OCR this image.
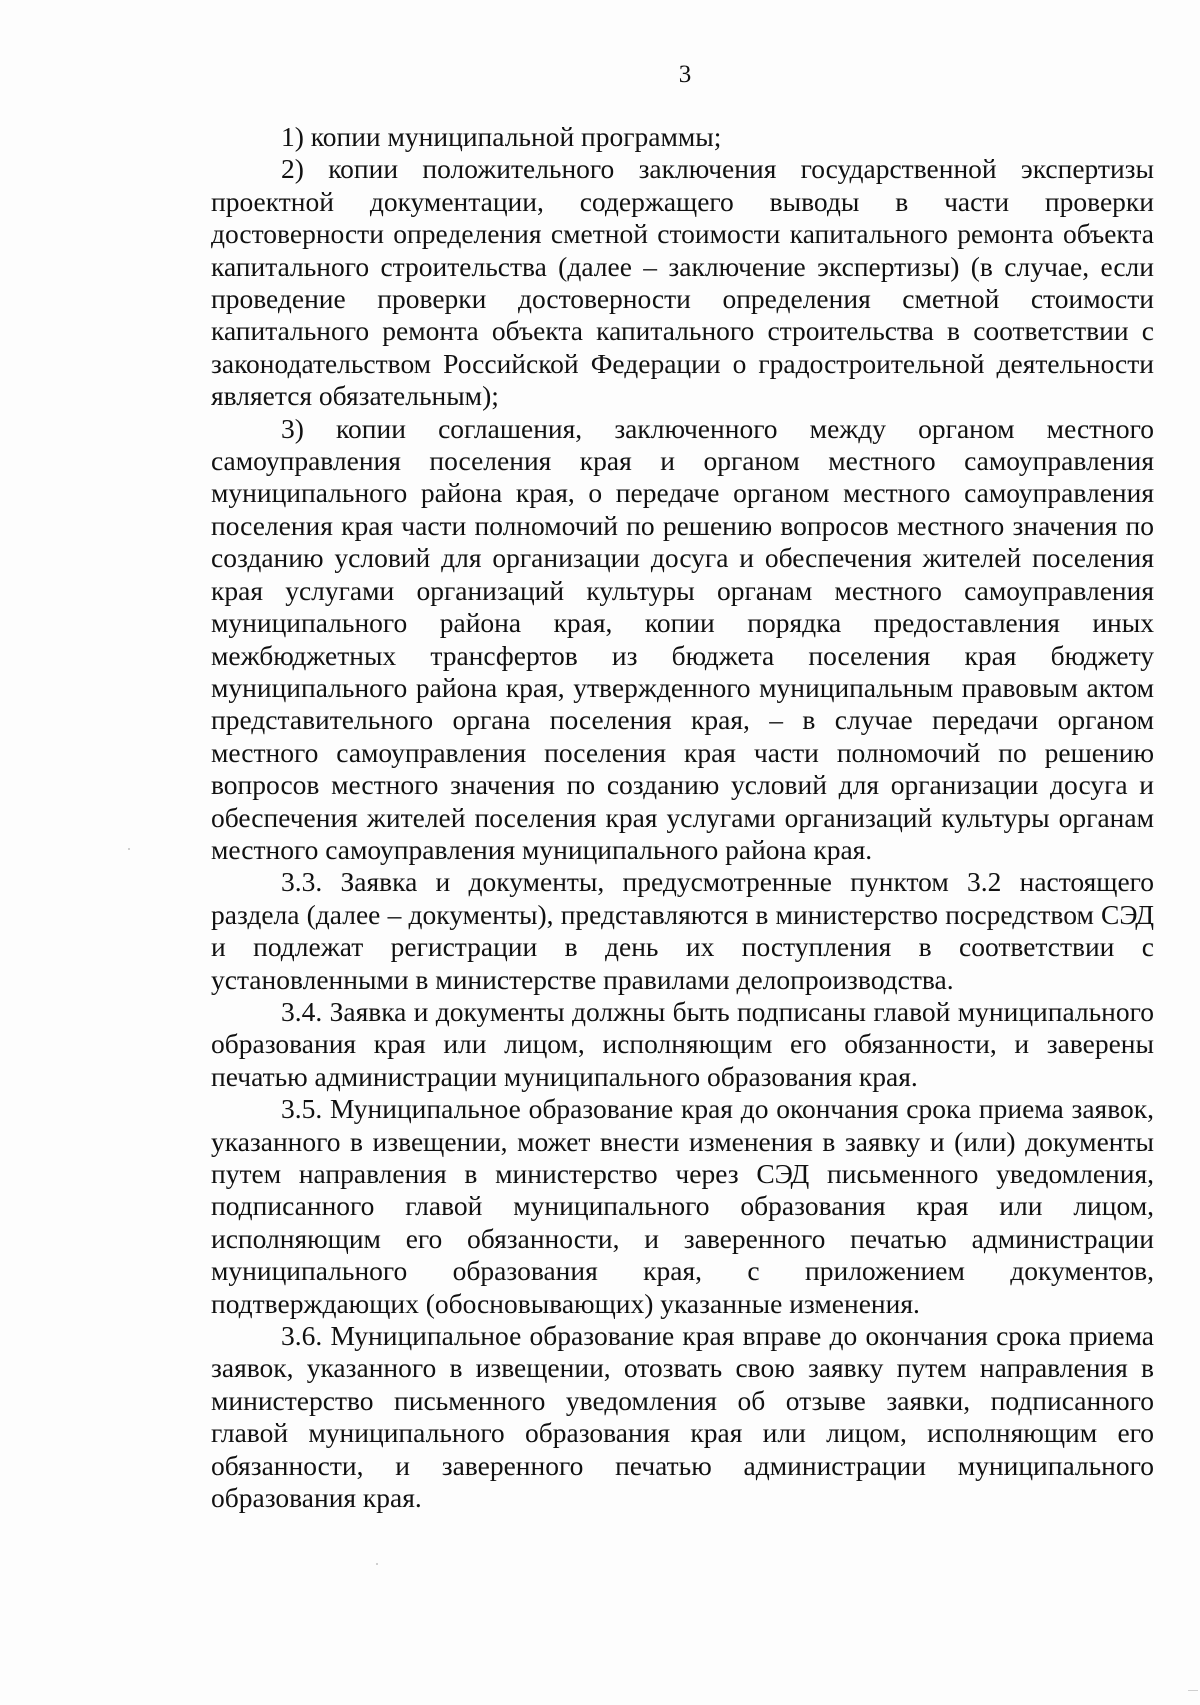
3

1) копии муниципальной программы;

2) копии положительного заключения государственной экспертизы проектной документации, содержащего выводы в части проверки достоверности определения сметной стоимости капитального ремонта объекта капитального строительства (далее – заключение экспертизы) (в случае, если проведение проверки достоверности определения сметной стоимости капитального ремонта объекта капитального строительства в соответствии с законодательством Российской Федерации о градостроительной деятельности является обязательным);

3) копии соглашения, заключенного между органом местного самоуправления поселения края и органом местного самоуправления муниципального района края, о передаче органом местного самоуправления поселения края части полномочий по решению вопросов местного значения по созданию условий для организации досуга и обеспечения жителей поселения края услугами организаций культуры органам местного самоуправления муниципального района края, копии порядка предоставления иных межбюджетных трансфертов из бюджета поселения края бюджету муниципального района края, утвержденного муниципальным правовым актом представительного органа поселения края, – в случае передачи органом местного самоуправления поселения края части полномочий по решению вопросов местного значения по созданию условий для организации досуга и обеспечения жителей поселения края услугами организаций культуры органам местного самоуправления муниципального района края.

3.3. Заявка и документы, предусмотренные пунктом 3.2 настоящего раздела (далее – документы), представляются в министерство посредством СЭД и подлежат регистрации в день их поступления в соответствии с установленными в министерстве правилами делопроизводства.

3.4. Заявка и документы должны быть подписаны главой муниципального образования края или лицом, исполняющим его обязанности, и заверены печатью администрации муниципального образования края.

3.5. Муниципальное образование края до окончания срока приема заявок, указанного в извещении, может внести изменения в заявку и (или) документы путем направления в министерство через СЭД письменного уведомления, подписанного главой муниципального образования края или лицом, исполняющим его обязанности, и заверенного печатью администрации муниципального образования края, с приложением документов, подтверждающих (обосновывающих) указанные изменения.

3.6. Муниципальное образование края вправе до окончания срока приема заявок, указанного в извещении, отозвать свою заявку путем направления в министерство письменного уведомления об отзыве заявки, подписанного главой муниципального образования края или лицом, исполняющим его обязанности, и заверенного печатью администрации муниципального образования края.
